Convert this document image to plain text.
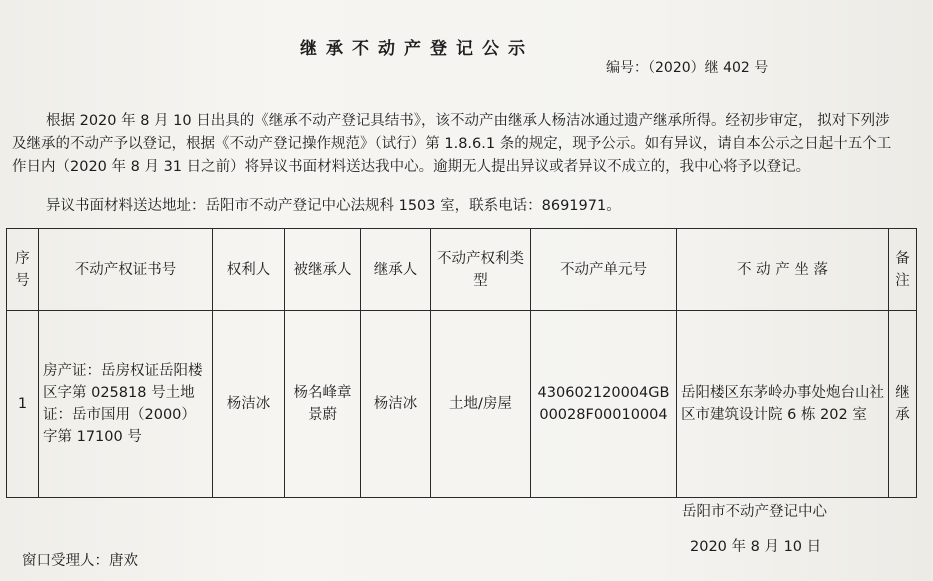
继承不动产登记公示
编号：（2020）继 402 号

根据 2020 年 8 月 10 日出具的《继承不动产登记具结书》，该不动产由继承人杨洁冰通过遗产继承所得。经初步审定， 拟对下列涉及继承的不动产予以登记，根据《不动产登记操作规范》（试行）第 1.8.6.1 条的规定，现予公示。如有异议，请自本公示之日起十五个工作日内（2020 年 8 月 31 日之前）将异议书面材料送达我中心。逾期无人提出异议或者异议不成立的，我中心将予以登记。

异议书面材料送达地址：岳阳市不动产登记中心法规科 1503 室，联系电话：8691971。
序号	不动产权证书号	权利人	被继承人	继承人	不动产权利类型	不动产单元号	不 动 产 坐 落	备注
1	房产证：岳房权证岳阳楼区字第 025818 号土地证：岳市国用（2000）字第 17100 号	杨洁冰	杨名峰章景蔚	杨洁冰	土地/房屋	430602120004GB00028F00010004	岳阳楼区东茅岭办事处炮台山社区市建筑设计院 6 栋 202 室	继承
岳阳市不动产登记中心
2020 年 8 月 10 日
窗口受理人：唐欢
